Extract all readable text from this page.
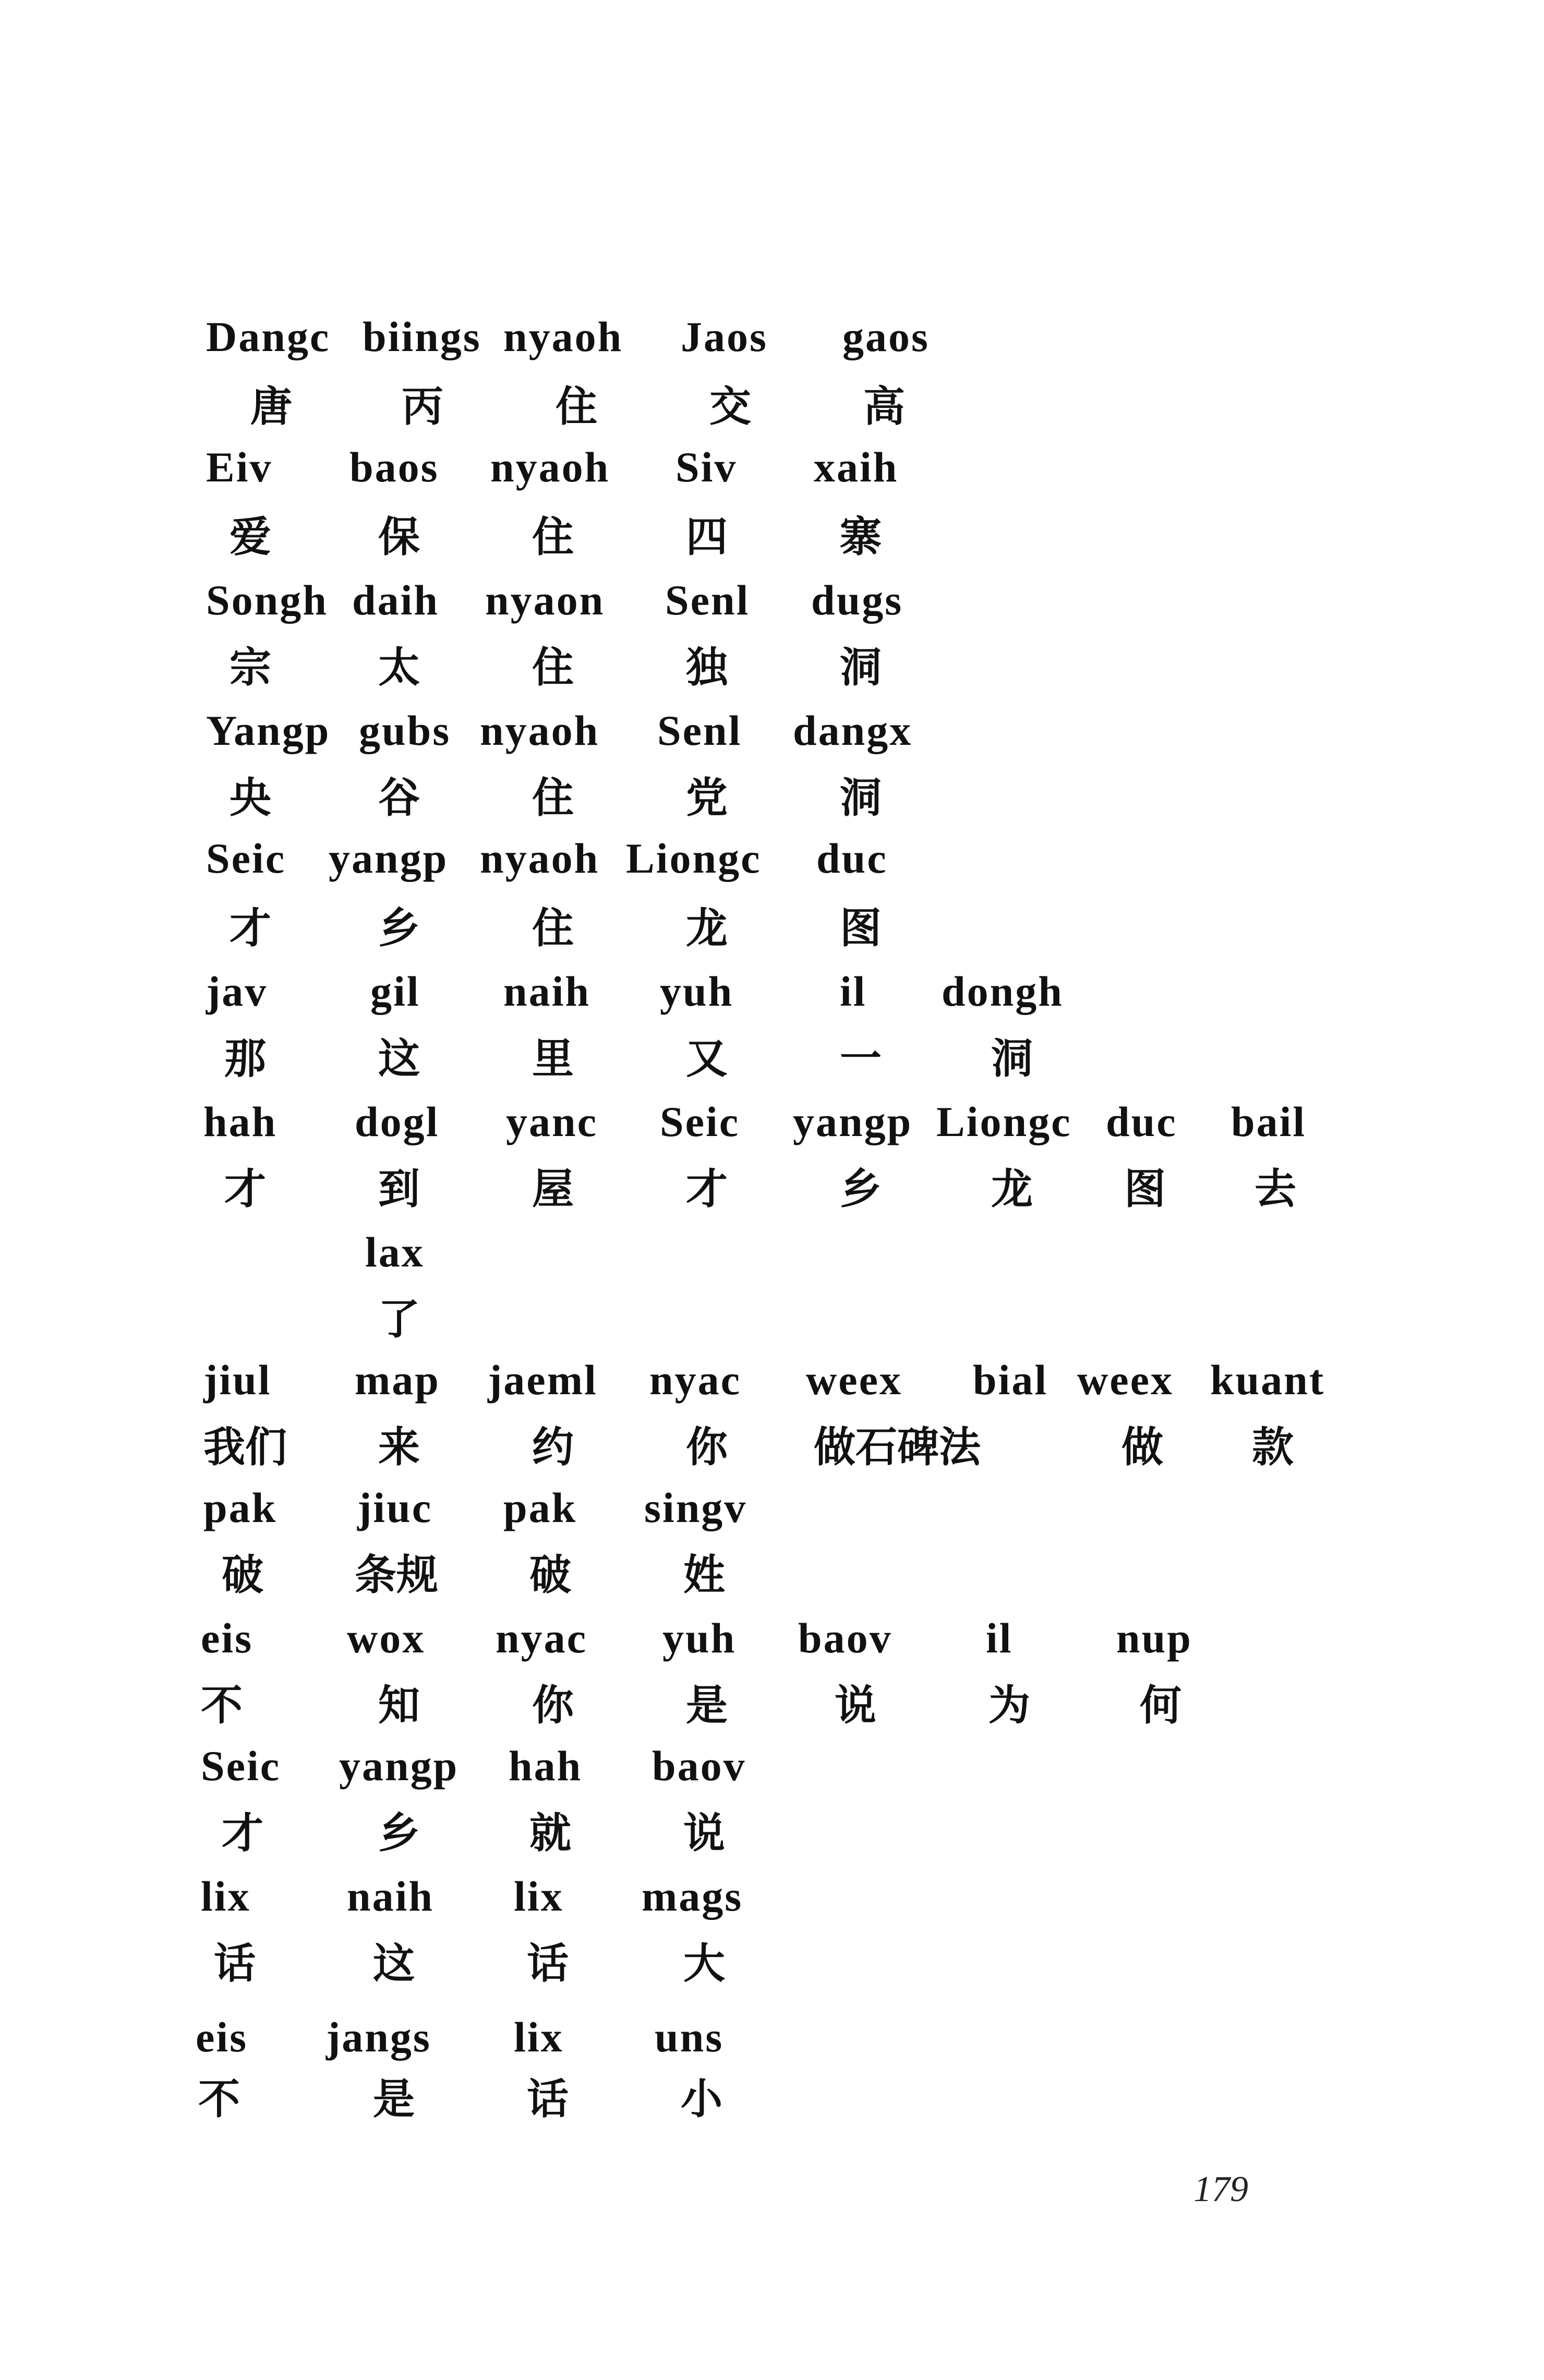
Dangc biings nyaoh Jaos gaos
唐	丙	住	交	高
Eiv baos nyaoh Siv xaih
爱	保	住	四	寨
Songh daih nyaon Senl dugs
宗	太	住	独	洞
Yangp gubs nyaoh Senl dangx
央	谷	住	党	洞
Seic yangp nyaoh Liongc duc
才	乡	住	龙	图
jav gil naih yuh il dongh
那	这	里	又	一	洞
hah dogl yanc Seic yangp Liongc duc bail
才	到	屋	才	乡	龙 图 去
lax
了
jiul map jaeml nyac weex bial weex kuant
我们 来	约	你 做石碑法	做 款
pak jiuc pak singv
破 条规 破	姓
eis wox nyac yuh baov il nup
不	知	你	是	说	为	何
Seic yangp hah baov
才	乡	就	说
lix naih lix mags
话	这	话	大
eis jangs lix uns
不	是	话	小
179
